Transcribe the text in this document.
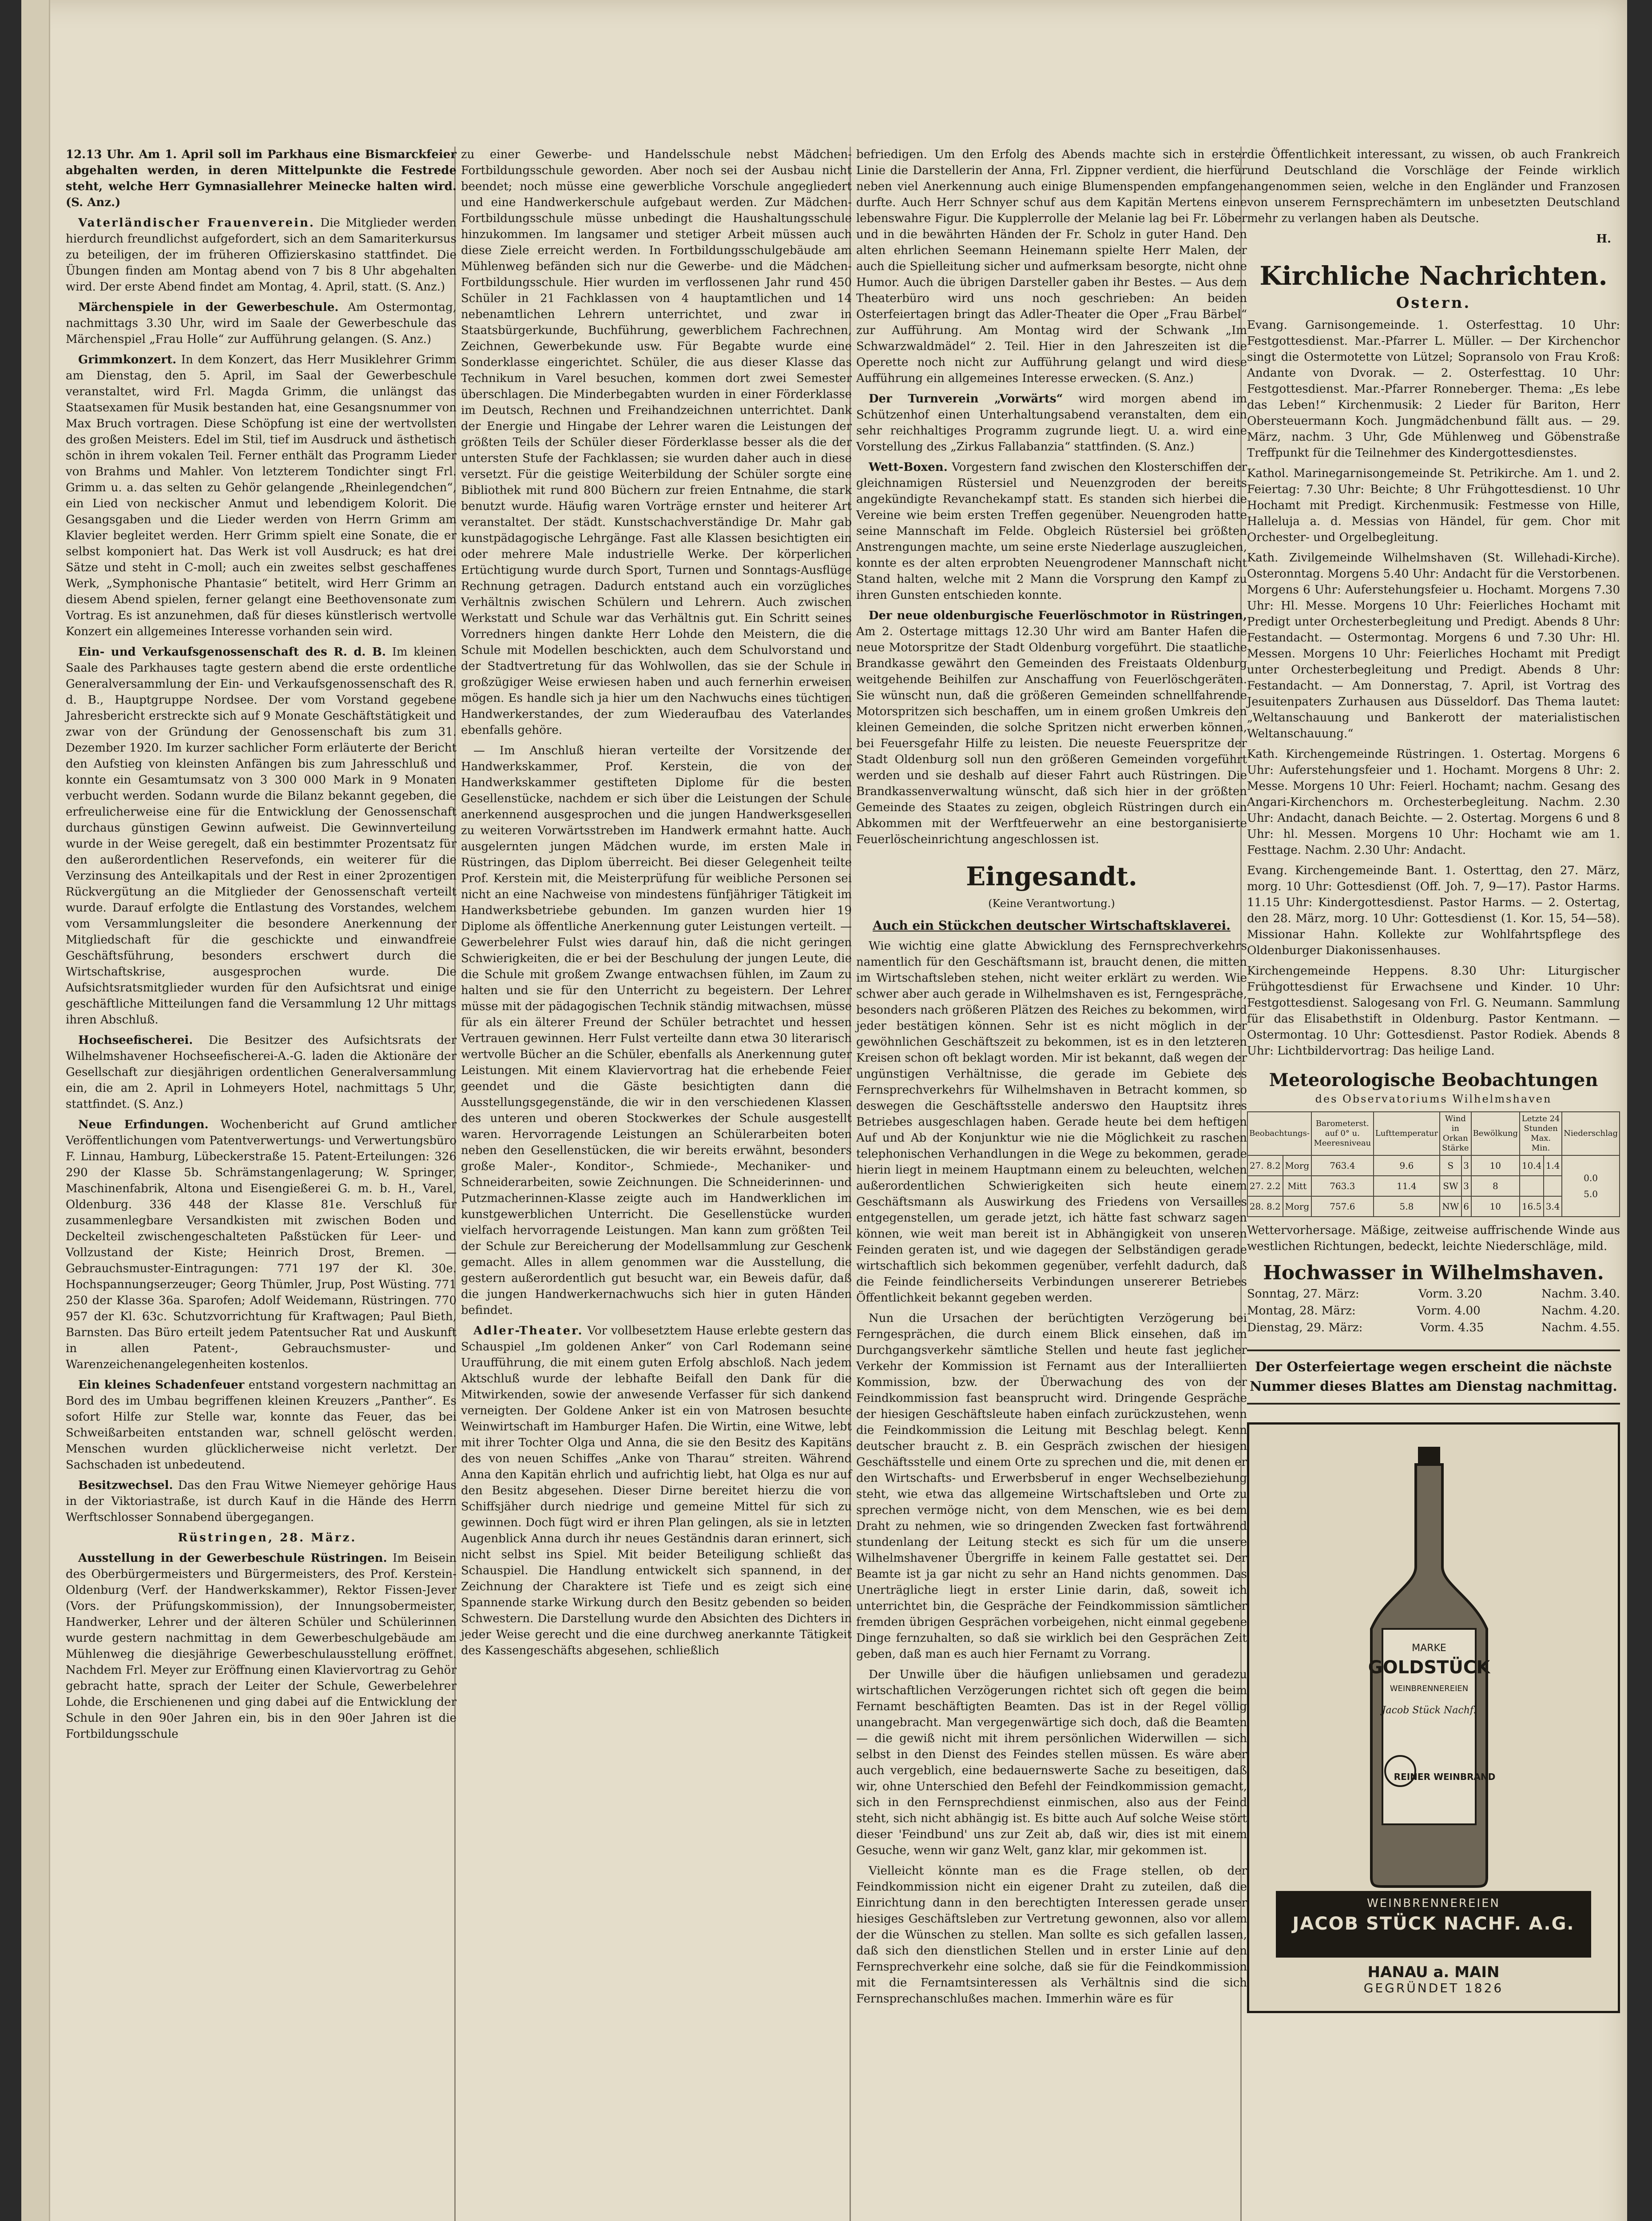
12.13 Uhr. Am 1. April soll im Parkhaus eine Bismarckfeier abgehalten werden, in deren Mittelpunkte die Festrede steht, welche Herr Gymnasiallehrer Meinecke halten wird. (S. Anz.)

Vaterländischer Frauenverein. Die Mitglieder werden hierdurch freundlichst aufgefordert, sich an dem Samariterkursus zu beteiligen, der im früheren Offizierskasino stattfindet. Die Übungen finden am Montag abend von 7 bis 8 Uhr abgehalten wird. Der erste Abend findet am Montag, 4. April, statt. (S. Anz.)

Märchenspiele in der Gewerbeschule. Am Ostermontag, nachmittags 3.30 Uhr, wird im Saale der Gewerbeschule das Märchenspiel „Frau Holle“ zur Aufführung gelangen. (S. Anz.)

Grimmkonzert. In dem Konzert, das Herr Musiklehrer Grimm am Dienstag, den 5. April, im Saal der Gewerbeschule veranstaltet, wird Frl. Magda Grimm, die unlängst das Staatsexamen für Musik bestanden hat, eine Gesangsnummer von Max Bruch vortragen. Diese Schöpfung ist eine der wertvollsten des großen Meisters. Edel im Stil, tief im Ausdruck und ästhetisch schön in ihrem vokalen Teil. Ferner enthält das Programm Lieder von Brahms und Mahler. Von letzterem Tondichter singt Frl. Grimm u. a. das selten zu Gehör gelangende „Rheinlegendchen“, ein Lied von neckischer Anmut und lebendigem Kolorit. Die Gesangsgaben und die Lieder werden von Herrn Grimm am Klavier begleitet werden. Herr Grimm spielt eine Sonate, die er selbst komponiert hat. Das Werk ist voll Ausdruck; es hat drei Sätze und steht in C-moll; auch ein zweites selbst geschaffenes Werk, „Symphonische Phantasie“ betitelt, wird Herr Grimm an diesem Abend spielen, ferner gelangt eine Beethovensonate zum Vortrag. Es ist anzunehmen, daß für dieses künstlerisch wertvolle Konzert ein allgemeines Interesse vorhanden sein wird.

Ein- und Verkaufsgenossenschaft des R. d. B. Im kleinen Saale des Parkhauses tagte gestern abend die erste ordentliche Generalversammlung der Ein- und Verkaufsgenossenschaft des R. d. B., Hauptgruppe Nordsee. Der vom Vorstand gegebene Jahresbericht erstreckte sich auf 9 Monate Geschäftstätigkeit und zwar von der Gründung der Genossenschaft bis zum 31. Dezember 1920. Im kurzer sachlicher Form erläuterte der Bericht den Aufstieg von kleinsten Anfängen bis zum Jahresschluß und konnte ein Gesamtumsatz von 3 300 000 Mark in 9 Monaten verbucht werden. Sodann wurde die Bilanz bekannt gegeben, die erfreulicherweise eine für die Entwicklung der Genossenschaft durchaus günstigen Gewinn aufweist. Die Gewinnverteilung wurde in der Weise geregelt, daß ein bestimmter Prozentsatz für den außerordentlichen Reservefonds, ein weiterer für die Verzinsung des Anteilkapitals und der Rest in einer 2prozentigen Rückvergütung an die Mitglieder der Genossenschaft verteilt wurde. Darauf erfolgte die Entlastung des Vorstandes, welchem vom Versammlungsleiter die besondere Anerkennung der Mitgliedschaft für die geschickte und einwandfreie Geschäftsführung, besonders erschwert durch die Wirtschaftskrise, ausgesprochen wurde. Die Aufsichtsratsmitglieder wurden für den Aufsichtsrat und einige geschäftliche Mitteilungen fand die Versammlung 12 Uhr mittags ihren Abschluß.

Hochseefischerei. Die Besitzer des Aufsichtsrats der Wilhelmshavener Hochseefischerei-A.-G. laden die Aktionäre der Gesellschaft zur diesjährigen ordentlichen Generalversammlung ein, die am 2. April in Lohmeyers Hotel, nachmittags 5 Uhr, stattfindet. (S. Anz.)

Neue Erfindungen. Wochenbericht auf Grund amtlicher Veröffentlichungen vom Patentverwertungs- und Verwertungsbüro F. Linnau, Hamburg, Lübeckerstraße 15. Patent-Erteilungen: 326 290 der Klasse 5b. Schrämstangenlagerung; W. Springer, Maschinenfabrik, Altona und Eisengießerei G. m. b. H., Varel, Oldenburg. 336 448 der Klasse 81e. Verschluß für zusammenlegbare Versandkisten mit zwischen Boden und Deckelteil zwischengeschalteten Paßstücken für Leer- und Vollzustand der Kiste; Heinrich Drost, Bremen. — Gebrauchsmuster-Eintragungen: 771 197 der Kl. 30e. Hochspannungserzeuger; Georg Thümler, Jrup, Post Wüsting. 771 250 der Klasse 36a. Sparofen; Adolf Weidemann, Rüstringen. 770 957 der Kl. 63c. Schutzvorrichtung für Kraftwagen; Paul Bieth, Barnsten. Das Büro erteilt jedem Patentsucher Rat und Auskunft in allen Patent-, Gebrauchsmuster- und Warenzeichenangelegenheiten kostenlos.

Ein kleines Schadenfeuer entstand vorgestern nachmittag an Bord des im Umbau begriffenen kleinen Kreuzers „Panther“. Es sofort Hilfe zur Stelle war, konnte das Feuer, das bei Schweißarbeiten entstanden war, schnell gelöscht werden. Menschen wurden glücklicherweise nicht verletzt. Der Sachschaden ist unbedeutend.

Besitzwechsel. Das den Frau Witwe Niemeyer gehörige Haus in der Viktoriastraße, ist durch Kauf in die Hände des Herrn Werftschlosser Sonnabend übergegangen.

Rüstringen, 28. März.

Ausstellung in der Gewerbeschule Rüstringen. Im Beisein des Oberbürgermeisters und Bürgermeisters, des Prof. Kerstein-Oldenburg (Verf. der Handwerkskammer), Rektor Fissen-Jever (Vors. der Prüfungskommission), der Innungsobermeister, Handwerker, Lehrer und der älteren Schüler und Schülerinnen wurde gestern nachmittag in dem Gewerbeschulgebäude am Mühlenweg die diesjährige Gewerbeschulausstellung eröffnet. Nachdem Frl. Meyer zur Eröffnung einen Klaviervortrag zu Gehör gebracht hatte, sprach der Leiter der Schule, Gewerbelehrer Lohde, die Erschienenen und ging dabei auf die Entwicklung der Schule in den 90er Jahren ein, bis in den 90er Jahren ist die Fortbildungsschule

zu einer Gewerbe- und Handelsschule nebst Mädchen-Fortbildungsschule geworden. Aber noch sei der Ausbau nicht beendet; noch müsse eine gewerbliche Vorschule angegliedert und eine Handwerkerschule aufgebaut werden. Zur Mädchen-Fortbildungsschule müsse unbedingt die Haushaltungsschule hinzukommen. Im langsamer und stetiger Arbeit müssen auch diese Ziele erreicht werden. In Fortbildungsschulgebäude am Mühlenweg befänden sich nur die Gewerbe- und die Mädchen-Fortbildungsschule. Hier wurden im verflossenen Jahr rund 450 Schüler in 21 Fachklassen von 4 hauptamtlichen und 14 nebenamtlichen Lehrern unterrichtet, und zwar in Staatsbürgerkunde, Buchführung, gewerblichem Fachrechnen, Zeichnen, Gewerbekunde usw. Für Begabte wurde eine Sonderklasse eingerichtet. Schüler, die aus dieser Klasse das Technikum in Varel besuchen, kommen dort zwei Semester überschlagen. Die Minderbegabten wurden in einer Förderklasse im Deutsch, Rechnen und Freihandzeichnen unterrichtet. Dank der Energie und Hingabe der Lehrer waren die Leistungen der größten Teils der Schüler dieser Förderklasse besser als die der untersten Stufe der Fachklassen; sie wurden daher auch in diese versetzt. Für die geistige Weiterbildung der Schüler sorgte eine Bibliothek mit rund 800 Büchern zur freien Entnahme, die stark benutzt wurde. Häufig waren Vorträge ernster und heiterer Art veranstaltet. Der städt. Kunstschachverständige Dr. Mahr gab kunstpädagogische Lehrgänge. Fast alle Klassen besichtigten ein oder mehrere Male industrielle Werke. Der körperlichen Ertüchtigung wurde durch Sport, Turnen und Sonntags-Ausflüge Rechnung getragen. Dadurch entstand auch ein vorzügliches Verhältnis zwischen Schülern und Lehrern. Auch zwischen Werkstatt und Schule war das Verhältnis gut. Ein Schritt seines Vorredners hingen dankte Herr Lohde den Meistern, die die Schule mit Modellen beschickten, auch dem Schulvorstand und der Stadtvertretung für das Wohlwollen, das sie der Schule in großzügiger Weise erwiesen haben und auch fernerhin erweisen mögen. Es handle sich ja hier um den Nachwuchs eines tüchtigen Handwerkerstandes, der zum Wiederaufbau des Vaterlandes ebenfalls gehöre.

— Im Anschluß hieran verteilte der Vorsitzende der Handwerkskammer, Prof. Kerstein, die von der Handwerkskammer gestifteten Diplome für die besten Gesellenstücke, nachdem er sich über die Leistungen der Schule anerkennend ausgesprochen und die jungen Handwerksgesellen zu weiteren Vorwärtsstreben im Handwerk ermahnt hatte. Auch ausgelernten jungen Mädchen wurde, im ersten Male in Rüstringen, das Diplom überreicht. Bei dieser Gelegenheit teilte Prof. Kerstein mit, die Meisterprüfung für weibliche Personen sei nicht an eine Nachweise von mindestens fünfjähriger Tätigkeit im Handwerksbetriebe gebunden. Im ganzen wurden hier 19 Diplome als öffentliche Anerkennung guter Leistungen verteilt. — Gewerbelehrer Fulst wies darauf hin, daß die nicht geringen Schwierigkeiten, die er bei der Beschulung der jungen Leute, die die Schule mit großem Zwange entwachsen fühlen, im Zaum zu halten und sie für den Unterricht zu begeistern. Der Lehrer müsse mit der pädagogischen Technik ständig mitwachsen, müsse für als ein älterer Freund der Schüler betrachtet und hessen Vertrauen gewinnen. Herr Fulst verteilte dann etwa 30 literarisch wertvolle Bücher an die Schüler, ebenfalls als Anerkennung guter Leistungen. Mit einem Klaviervortrag hat die erhebende Feier geendet und die Gäste besichtigten dann die Ausstellungsgegenstände, die wir in den verschiedenen Klassen des unteren und oberen Stockwerkes der Schule ausgestellt waren. Hervorragende Leistungen an Schülerarbeiten boten neben den Gesellenstücken, die wir bereits erwähnt, besonders große Maler-, Konditor-, Schmiede-, Mechaniker- und Schneiderarbeiten, sowie Zeichnungen. Die Schneiderinnen- und Putzmacherinnen-Klasse zeigte auch im Handwerklichen im kunstgewerblichen Unterricht. Die Gesellenstücke wurden vielfach hervorragende Leistungen. Man kann zum größten Teil der Schule zur Bereicherung der Modellsammlung zur Geschenk gemacht. Alles in allem genommen war die Ausstellung, die gestern außerordentlich gut besucht war, ein Beweis dafür, daß die jungen Handwerkernachwuchs sich hier in guten Händen befindet.

Adler-Theater. Vor vollbesetztem Hause erlebte gestern das Schauspiel „Im goldenen Anker“ von Carl Rodemann seine Uraufführung, die mit einem guten Erfolg abschloß. Nach jedem Aktschluß wurde der lebhafte Beifall den Dank für die Mitwirkenden, sowie der anwesende Verfasser für sich dankend verneigten. Der Goldene Anker ist ein von Matrosen besuchte Weinwirtschaft im Hamburger Hafen. Die Wirtin, eine Witwe, lebt mit ihrer Tochter Olga und Anna, die sie den Besitz des Kapitäns des von neuen Schiffes „Anke von Tharau“ streiten. Während Anna den Kapitän ehrlich und aufrichtig liebt, hat Olga es nur auf den Besitz abgesehen. Dieser Dirne bereitet hierzu die von Schiffsjäher durch niedrige und gemeine Mittel für sich zu gewinnen. Doch fügt wird er ihren Plan gelingen, als sie in letzten Augenblick Anna durch ihr neues Geständnis daran erinnert, sich nicht selbst ins Spiel. Mit beider Beteiligung schließt das Schauspiel. Die Handlung entwickelt sich spannend, in der Zeichnung der Charaktere ist Tiefe und es zeigt sich eine Spannende starke Wirkung durch den Besitz gebenden so beiden Schwestern. Die Darstellung wurde den Absichten des Dichters in jeder Weise gerecht und die eine durchweg anerkannte Tätigkeit des Kassengeschäfts abgesehen, schließlich

befriedigen. Um den Erfolg des Abends machte sich in erster Linie die Darstellerin der Anna, Frl. Zippner verdient, die hierfür neben viel Anerkennung auch einige Blumenspenden empfangen durfte. Auch Herr Schnyer schuf aus dem Kapitän Mertens eine lebenswahre Figur. Die Kupplerrolle der Melanie lag bei Fr. Löber und in die bewährten Händen der Fr. Scholz in guter Hand. Den alten ehrlichen Seemann Heinemann spielte Herr Malen, der auch die Spielleitung sicher und aufmerksam besorgte, nicht ohne Humor. Auch die übrigen Darsteller gaben ihr Bestes. — Aus dem Theaterbüro wird uns noch geschrieben: An beiden Osterfeiertagen bringt das Adler-Theater die Oper „Frau Bärbel“ zur Aufführung. Am Montag wird der Schwank „Im Schwarzwaldmädel“ 2. Teil. Hier in den Jahreszeiten ist die Operette noch nicht zur Aufführung gelangt und wird diese Aufführung ein allgemeines Interesse erwecken. (S. Anz.)

Der Turnverein „Vorwärts“ wird morgen abend im Schützenhof einen Unterhaltungsabend veranstalten, dem ein sehr reichhaltiges Programm zugrunde liegt. U. a. wird eine Vorstellung des „Zirkus Fallabanzia“ stattfinden. (S. Anz.)

Wett-Boxen. Vorgestern fand zwischen den Klosterschiffen der gleichnamigen Rüstersiel und Neuenzgroden der bereits angekündigte Revanchekampf statt. Es standen sich hierbei die Vereine wie beim ersten Treffen gegenüber. Neuengroden hatte seine Mannschaft im Felde. Obgleich Rüstersiel bei größten Anstrengungen machte, um seine erste Niederlage auszugleichen, konnte es der alten erprobten Neuengrodener Mannschaft nicht Stand halten, welche mit 2 Mann die Vorsprung den Kampf zu ihren Gunsten entschieden konnte.

Der neue oldenburgische Feuerlöschmotor in Rüstringen, Am 2. Ostertage mittags 12.30 Uhr wird am Banter Hafen die neue Motorspritze der Stadt Oldenburg vorgeführt. Die staatliche Brandkasse gewährt den Gemeinden des Freistaats Oldenburg weitgehende Beihilfen zur Anschaffung von Feuerlöschgeräten. Sie wünscht nun, daß die größeren Gemeinden schnellfahrende Motorspritzen sich beschaffen, um in einem großen Umkreis den kleinen Gemeinden, die solche Spritzen nicht erwerben können, bei Feuersgefahr Hilfe zu leisten. Die neueste Feuerspritze der Stadt Oldenburg soll nun den größeren Gemeinden vorgeführt werden und sie deshalb auf dieser Fahrt auch Rüstringen. Die Brandkassenverwaltung wünscht, daß sich hier in der größten Gemeinde des Staates zu zeigen, obgleich Rüstringen durch ein Abkommen mit der Werftfeuerwehr an eine bestorganisierte Feuerlöscheinrichtung angeschlossen ist.

Eingesandt.
(Keine Verantwortung.)
Auch ein Stückchen deutscher Wirtschaftsklaverei.

Wie wichtig eine glatte Abwicklung des Fernsprechverkehrs namentlich für den Geschäftsmann ist, braucht denen, die mitten im Wirtschaftsleben stehen, nicht weiter erklärt zu werden. Wie schwer aber auch gerade in Wilhelmshaven es ist, Ferngespräche, besonders nach größeren Plätzen des Reiches zu bekommen, wird jeder bestätigen können. Sehr ist es nicht möglich in der gewöhnlichen Geschäftszeit zu bekommen, ist es in den letzteren Kreisen schon oft beklagt worden. Mir ist bekannt, daß wegen der ungünstigen Verhältnisse, die gerade im Gebiete des Fernsprechverkehrs für Wilhelmshaven in Betracht kommen, so deswegen die Geschäftsstelle anderswo den Hauptsitz ihres Betriebes ausgeschlagen haben. Gerade heute bei dem heftigen Auf und Ab der Konjunktur wie nie die Möglichkeit zu raschen telephonischen Verhandlungen in die Wege zu bekommen, gerade hierin liegt in meinem Hauptmann einem zu beleuchten, welchen außerordentlichen Schwierigkeiten sich heute einem Geschäftsmann als Auswirkung des Friedens von Versailles entgegenstellen, um gerade jetzt, ich hätte fast schwarz sagen können, wie weit man bereit ist in Abhängigkeit von unseren Feinden geraten ist, und wie dagegen der Selbständigen gerade wirtschaftlich sich bekommen gegenüber, verfehlt dadurch, daß die Feinde feindlicherseits Verbindungen unsererer Betriebes Öffentlichkeit bekannt gegeben werden.

Nun die Ursachen der berüchtigten Verzögerung bei Ferngesprächen, die durch einem Blick einsehen, daß im Durchgangsverkehr sämtliche Stellen und heute fast jeglicher Verkehr der Kommission ist Fernamt aus der Interalliierten Kommission, bzw. der Überwachung des von der Feindkommission fast beansprucht wird. Dringende Gespräche der hiesigen Geschäftsleute haben einfach zurückzustehen, wenn die Feindkommission die Leitung mit Beschlag belegt. Kenn deutscher braucht z. B. ein Gespräch zwischen der hiesigen Geschäftsstelle und einem Orte zu sprechen und die, mit denen er den Wirtschafts- und Erwerbsberuf in enger Wechselbeziehung steht, wie etwa das allgemeine Wirtschaftsleben und Orte zu sprechen vermöge nicht, von dem Menschen, wie es bei dem Draht zu nehmen, wie so dringenden Zwecken fast fortwährend stundenlang der Leitung steckt es sich für um die unsere Wilhelmshavener Übergriffe in keinem Falle gestattet sei. Der Beamte ist ja gar nicht zu sehr an Hand nichts genommen. Das Unerträgliche liegt in erster Linie darin, daß, soweit ich unterrichtet bin, die Gespräche der Feindkommission sämtlicher fremden übrigen Gesprächen vorbeigehen, nicht einmal gegebene Dinge fernzuhalten, so daß sie wirklich bei den Gesprächen Zeit geben, daß man es auch hier Fernamt zu Vorrang.

Der Unwille über die häufigen unliebsamen und geradezu wirtschaftlichen Verzögerungen richtet sich oft gegen die beim Fernamt beschäftigten Beamten. Das ist in der Regel völlig unangebracht. Man vergegenwärtige sich doch, daß die Beamten — die gewiß nicht mit ihrem persönlichen Widerwillen — sich selbst in den Dienst des Feindes stellen müssen. Es wäre aber auch vergeblich, eine bedauernswerte Sache zu beseitigen, daß wir, ohne Unterschied den Befehl der Feindkommission gemacht, sich in den Fernsprechdienst einmischen, also aus der Feind steht, sich nicht abhängig ist. Es bitte auch Auf solche Weise stört dieser 'Feindbund' uns zur Zeit ab, daß wir, dies ist mit einem Gesuche, wenn wir ganz Welt, ganz klar, mir gekommen ist.

Vielleicht könnte man es die Frage stellen, ob der Feindkommission nicht ein eigener Draht zu zuteilen, daß die Einrichtung dann in den berechtigten Interessen gerade unser hiesiges Geschäftsleben zur Vertretung gewonnen, also vor allem der die Wünschen zu stellen. Man sollte es sich gefallen lassen, daß sich den dienstlichen Stellen und in erster Linie auf den Fernsprechverkehr eine solche, daß sie für die Feindkommission mit die Fernamtsinteressen als Verhältnis sind die sich Fernsprechanschlußes machen. Immerhin wäre es für

die Öffentlichkeit interessant, zu wissen, ob auch Frankreich und Deutschland die Vorschläge der Feinde wirklich angenommen seien, welche in den Engländer und Franzosen von unserem Fernsprechämtern im unbesetzten Deutschland mehr zu verlangen haben als Deutsche.

H.
Kirchliche Nachrichten.
Ostern.

Evang. Garnisongemeinde. 1. Osterfesttag. 10 Uhr: Festgottesdienst. Mar.-Pfarrer L. Müller. — Der Kirchenchor singt die Ostermotette von Lützel; Sopransolo von Frau Kroß: Andante von Dvorak. — 2. Osterfesttag. 10 Uhr: Festgottesdienst. Mar.-Pfarrer Ronneberger. Thema: „Es lebe das Leben!“ Kirchenmusik: 2 Lieder für Bariton, Herr Obersteuermann Koch. Jungmädchenbund fällt aus. — 29. März, nachm. 3 Uhr, Gde Mühlenweg und Göbenstraße Treffpunkt für die Teilnehmer des Kindergottesdienstes.

Kathol. Marinegarnisongemeinde St. Petrikirche. Am 1. und 2. Feiertag: 7.30 Uhr: Beichte; 8 Uhr Frühgottesdienst. 10 Uhr Hochamt mit Predigt. Kirchenmusik: Festmesse von Hille, Halleluja a. d. Messias von Händel, für gem. Chor mit Orchester- und Orgelbegleitung.

Kath. Zivilgemeinde Wilhelmshaven (St. Willehadi-Kirche). Osteronntag. Morgens 5.40 Uhr: Andacht für die Verstorbenen. Morgens 6 Uhr: Auferstehungsfeier u. Hochamt. Morgens 7.30 Uhr: Hl. Messe. Morgens 10 Uhr: Feierliches Hochamt mit Predigt unter Orchesterbegleitung und Predigt. Abends 8 Uhr: Festandacht. — Ostermontag. Morgens 6 und 7.30 Uhr: Hl. Messen. Morgens 10 Uhr: Feierliches Hochamt mit Predigt unter Orchesterbegleitung und Predigt. Abends 8 Uhr: Festandacht. — Am Donnerstag, 7. April, ist Vortrag des Jesuitenpaters Zurhausen aus Düsseldorf. Das Thema lautet: „Weltanschauung und Bankerott der materialistischen Weltanschauung.“

Kath. Kirchengemeinde Rüstringen. 1. Ostertag. Morgens 6 Uhr: Auferstehungsfeier und 1. Hochamt. Morgens 8 Uhr: 2. Messe. Morgens 10 Uhr: Feierl. Hochamt; nachm. Gesang des Angari-Kirchenchors m. Orchesterbegleitung. Nachm. 2.30 Uhr: Andacht, danach Beichte. — 2. Ostertag. Morgens 6 und 8 Uhr: hl. Messen. Morgens 10 Uhr: Hochamt wie am 1. Festtage. Nachm. 2.30 Uhr: Andacht.

Evang. Kirchengemeinde Bant. 1. Osterttag, den 27. März, morg. 10 Uhr: Gottesdienst (Off. Joh. 7, 9—17). Pastor Harms. 11.15 Uhr: Kindergottesdienst. Pastor Harms. — 2. Ostertag, den 28. März, morg. 10 Uhr: Gottesdienst (1. Kor. 15, 54—58). Missionar Hahn. Kollekte zur Wohlfahrtspflege des Oldenburger Diakonissenhauses.

Kirchengemeinde Heppens. 8.30 Uhr: Liturgischer Frühgottesdienst für Erwachsene und Kinder. 10 Uhr: Festgottesdienst. Salogesang von Frl. G. Neumann. Sammlung für das Elisabethstift in Oldenburg. Pastor Kentmann. — Ostermontag. 10 Uhr: Gottesdienst. Pastor Rodiek. Abends 8 Uhr: Lichtbildervortrag: Das heilige Land.

Meteorologische Beobachtungen
des Observatoriums Wilhelmshaven
Beobachtungs-		Barometerst. auf 0° u. Meeresniveau	Lufttemperatur	Wind in Orkan Stärke		Bewölkung	Letzte 24 Stunden Max. Min.		Niederschlag
27. 8.2	Morg	763.4	9.6	S	3	10	10.4	1.4	0.0
5.0
27. 2.2	Mitt	763.3	11.4	SW	3	8			
28. 8.2	Morg	757.6	5.8	NW	6	10	16.5	3.4	

Wettervorhersage. Mäßige, zeitweise auffrischende Winde aus westlichen Richtungen, bedeckt, leichte Niederschläge, mild.

Hochwasser in Wilhelmshaven.
Sonntag, 27. März:	Vorm. 3.20	Nachm. 3.40.
Montag, 28. März:	Vorm. 4.00	Nachm. 4.20.
Dienstag, 29. März:	Vorm. 4.35	Nachm. 4.55.
Der Osterfeiertage wegen erscheint die nächste Nummer dieses Blattes am Dienstag nachmittag.
MARKE
GOLDSTÜCK
WEINBRENNEREIEN
Jacob Stück Nachf.
REINER WEINBRAND
WEINBRENNEREIEN
JACOB STÜCK NACHF. A.G.
HANAU a. MAIN
GEGRÜNDET 1826
